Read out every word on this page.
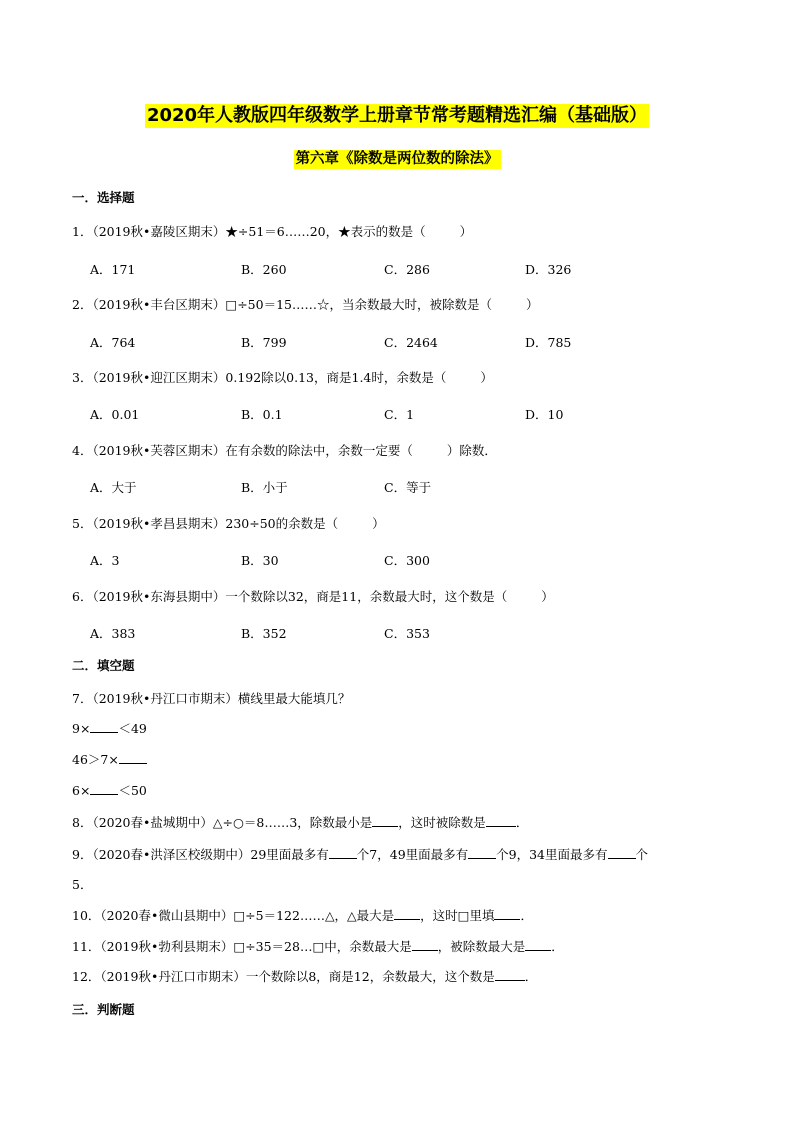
2020年人教版四年级数学上册章节常考题精选汇编（基础版）
第六章《除数是两位数的除法》
一．选择题
1．（2019秋•嘉陵区期末）★÷51＝6……20，★表示的数是（	）
A．171	B．260	C．286	D．326
2．（2019秋•丰台区期末）□÷50＝15……☆，当余数最大时，被除数是（	）
A．764	B．799	C．2464	D．785
3．（2019秋•迎江区期末）0.192除以0.13，商是1.4时，余数是（	）
A．0.01	B．0.1	C．1	D．10
4．（2019秋•芙蓉区期末）在有余数的除法中，余数一定要（	）除数．
A．大于	B．小于	C．等于
5．（2019秋•孝昌县期末）230÷50的余数是（	）
A．3	B．30	C．300
6．（2019秋•东海县期中）一个数除以32，商是11，余数最大时，这个数是（	）
A．383	B．352	C．353
二．填空题
7．（2019秋•丹江口市期末）横线里最大能填几？
9× ＜49
46＞7×
6× ＜50
8．（2020春•盐城期中）△÷○＝8……3，除数最小是 ，这时被除数是 ．
9．（2020春•洪泽区校级期中）29里面最多有 个7，49里面最多有 个9，34里面最多有 个
5．
10．（2020春•微山县期中）□÷5＝122……△，△最大是 ，这时□里填 ．
11．（2019秋•勃利县期末）□÷35＝28…□中，余数最大是 ，被除数最大是 ．
12．（2019秋•丹江口市期末）一个数除以8，商是12，余数最大，这个数是 ．
三．判断题
